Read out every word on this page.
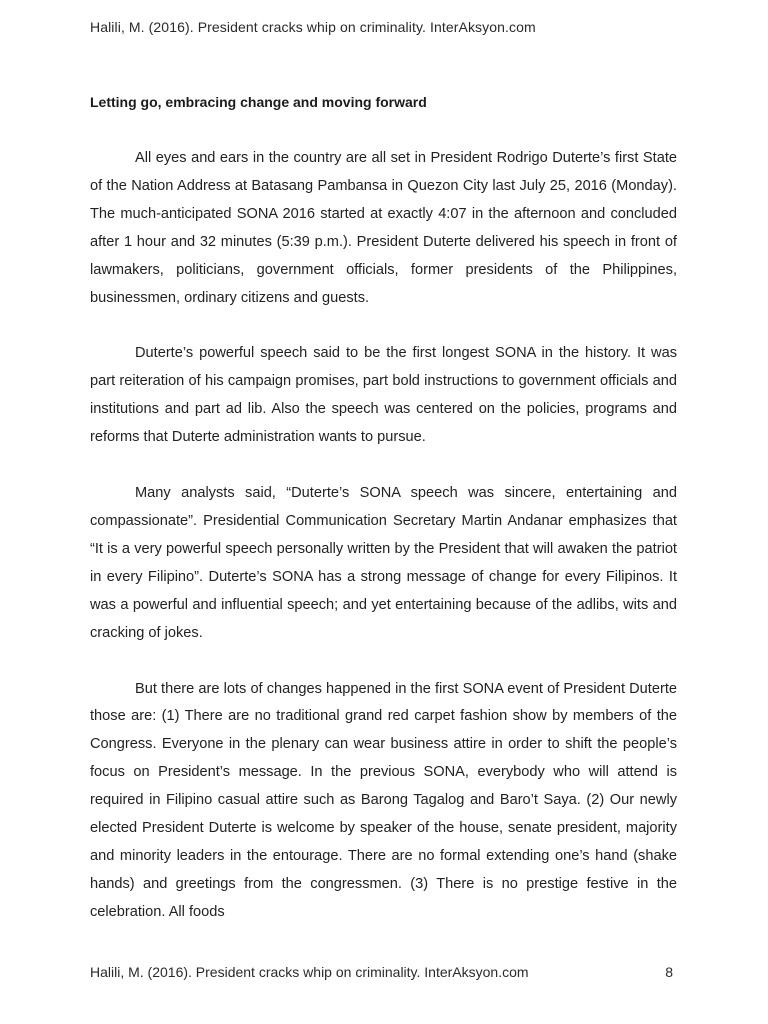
Halili, M. (2016). President cracks whip on criminality. InterAksyon.com
Letting go, embracing change and moving forward

All eyes and ears in the country are all set in President Rodrigo Duterte’s first State of the Nation Address at Batasang Pambansa in Quezon City last July 25, 2016 (Monday). The much-anticipated SONA 2016 started at exactly 4:07 in the afternoon and concluded after 1 hour and 32 minutes (5:39 p.m.). President Duterte delivered his speech in front of lawmakers, politicians, government officials, former presidents of the Philippines, businessmen, ordinary citizens and guests.

Duterte’s powerful speech said to be the first longest SONA in the history. It was part reiteration of his campaign promises, part bold instructions to government officials and institutions and part ad lib. Also the speech was centered on the policies, programs and reforms that Duterte administration wants to pursue.

Many analysts said, “Duterte’s SONA speech was sincere, entertaining and compassionate”. Presidential Communication Secretary Martin Andanar emphasizes that “It is a very powerful speech personally written by the President that will awaken the patriot in every Filipino”. Duterte’s SONA has a strong message of change for every Filipinos. It was a powerful and influential speech; and yet entertaining because of the adlibs, wits and cracking of jokes.

But there are lots of changes happened in the first SONA event of President Duterte those are: (1) There are no traditional grand red carpet fashion show by members of the Congress. Everyone in the plenary can wear business attire in order to shift the people’s focus on President’s message. In the previous SONA, everybody who will attend is required in Filipino casual attire such as Barong Tagalog and Baro’t Saya. (2) Our newly elected President Duterte is welcome by speaker of the house, senate president, majority and minority leaders in the entourage. There are no formal extending one’s hand (shake hands) and greetings from the congressmen. (3) There is no prestige festive in the celebration. All foods

Halili, M. (2016). President cracks whip on criminality. InterAksyon.com	8
